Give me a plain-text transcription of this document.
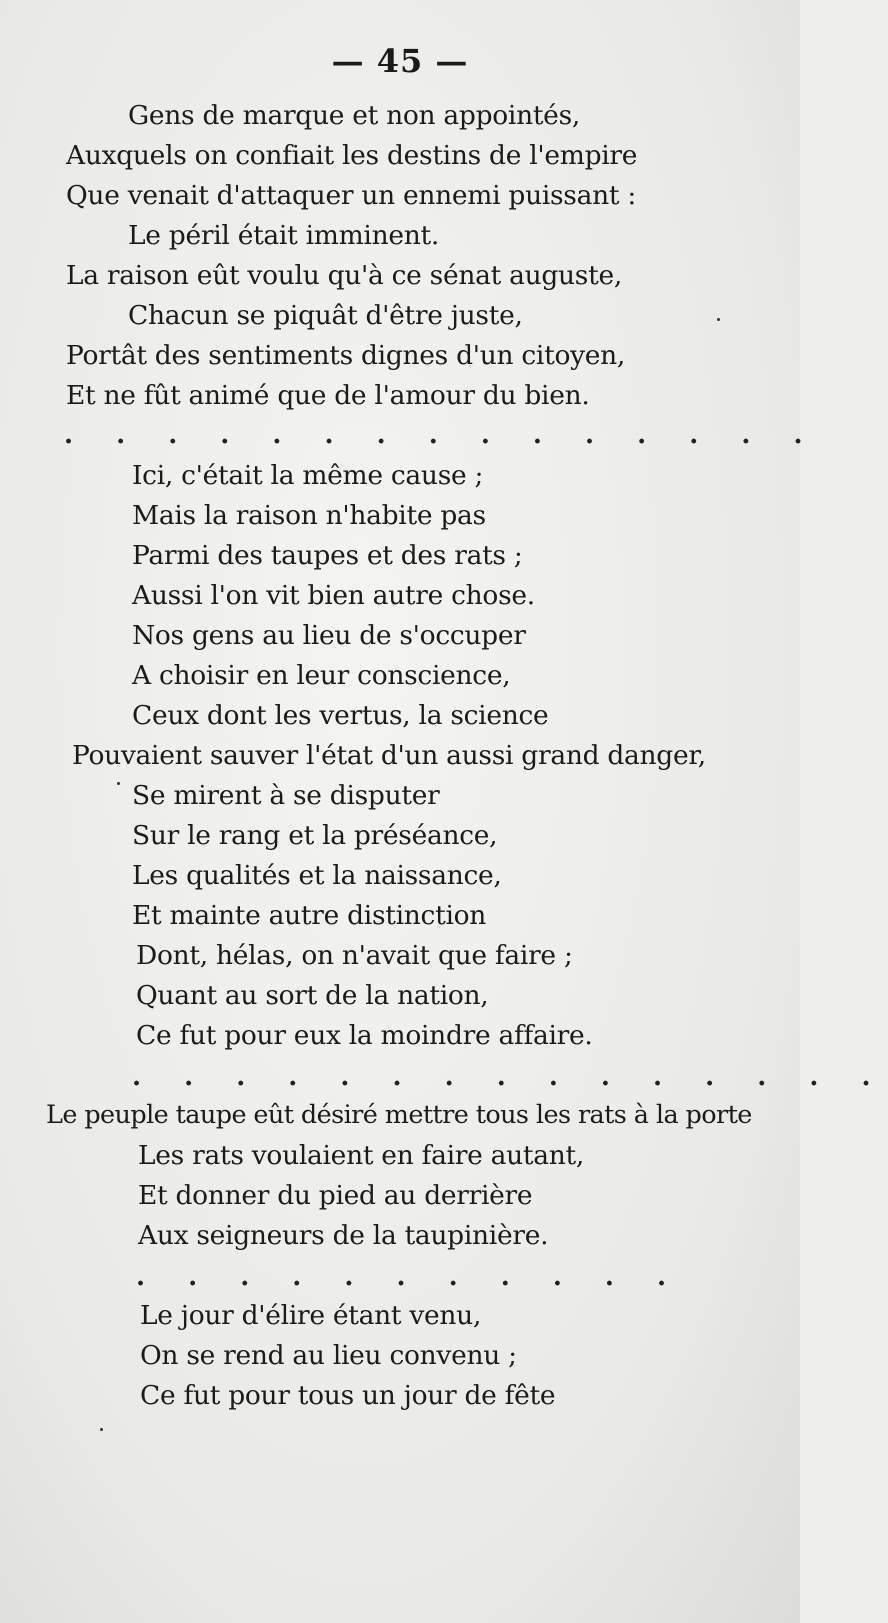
— 45 —
Gens de marque et non appointés,
Auxquels on confiait les destins de l'empire
Que venait d'attaquer un ennemi puissant :
Le péril était imminent.
La raison eût voulu qu'à ce sénat auguste,
Chacun se piquât d'être juste,
Portât des sentiments dignes d'un citoyen,
Et ne fût animé que de l'amour du bien.
. . . . . . . . . . . . . . .
Ici, c'était la même cause ;
Mais la raison n'habite pas
Parmi des taupes et des rats ;
Aussi l'on vit bien autre chose.
Nos gens au lieu de s'occuper
A choisir en leur conscience,
Ceux dont les vertus, la science
Pouvaient sauver l'état d'un aussi grand danger,
Se mirent à se disputer
Sur le rang et la préséance,
Les qualités et la naissance,
Et mainte autre distinction
Dont, hélas, on n'avait que faire ;
Quant au sort de la nation,
Ce fut pour eux la moindre affaire.
. . . . . . . . . . . . . . .
Le peuple taupe eût désiré mettre tous les rats à la porte
Les rats voulaient en faire autant,
Et donner du pied au derrière
Aux seigneurs de la taupinière.
. . . . . . . . . . .
Le jour d'élire étant venu,
On se rend au lieu convenu ;
Ce fut pour tous un jour de fête
